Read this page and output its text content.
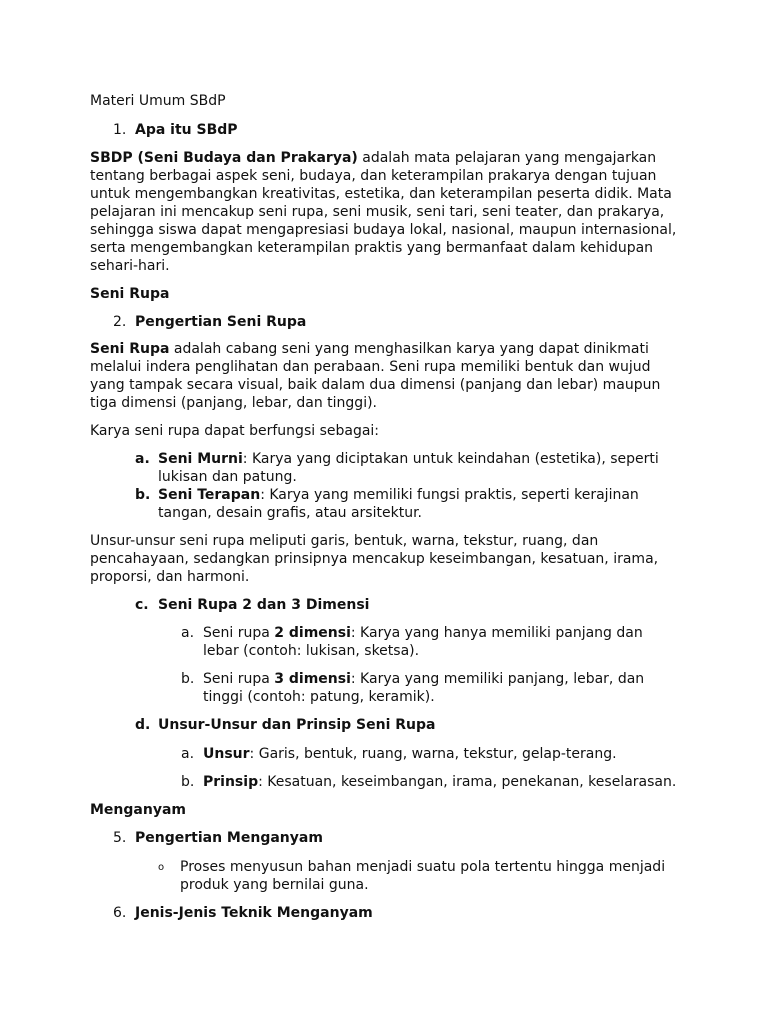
Materi Umum SBdP

1. Apa itu SBdP

SBDP (Seni Budaya dan Prakarya) adalah mata pelajaran yang mengajarkan tentang berbagai aspek seni, budaya, dan keterampilan prakarya dengan tujuan untuk mengembangkan kreativitas, estetika, dan keterampilan peserta didik. Mata pelajaran ini mencakup seni rupa, seni musik, seni tari, seni teater, dan prakarya, sehingga siswa dapat mengapresiasi budaya lokal, nasional, maupun internasional, serta mengembangkan keterampilan praktis yang bermanfaat dalam kehidupan sehari-hari.

Seni Rupa

2. Pengertian Seni Rupa

Seni Rupa adalah cabang seni yang menghasilkan karya yang dapat dinikmati melalui indera penglihatan dan perabaan. Seni rupa memiliki bentuk dan wujud yang tampak secara visual, baik dalam dua dimensi (panjang dan lebar) maupun tiga dimensi (panjang, lebar, dan tinggi).

Karya seni rupa dapat berfungsi sebagai:

a. Seni Murni: Karya yang diciptakan untuk keindahan (estetika), seperti lukisan dan patung.
b. Seni Terapan: Karya yang memiliki fungsi praktis, seperti kerajinan tangan, desain grafis, atau arsitektur.

Unsur-unsur seni rupa meliputi garis, bentuk, warna, tekstur, ruang, dan pencahayaan, sedangkan prinsipnya mencakup keseimbangan, kesatuan, irama, proporsi, dan harmoni.

c. Seni Rupa 2 dan 3 Dimensi
a. Seni rupa 2 dimensi: Karya yang hanya memiliki panjang dan lebar (contoh: lukisan, sketsa).
b. Seni rupa 3 dimensi: Karya yang memiliki panjang, lebar, dan tinggi (contoh: patung, keramik).
d. Unsur-Unsur dan Prinsip Seni Rupa
a. Unsur: Garis, bentuk, ruang, warna, tekstur, gelap-terang.
b. Prinsip: Kesatuan, keseimbangan, irama, penekanan, keselarasan.

Menganyam

5. Pengertian Menganyam
o Proses menyusun bahan menjadi suatu pola tertentu hingga menjadi produk yang bernilai guna.
6. Jenis-Jenis Teknik Menganyam
